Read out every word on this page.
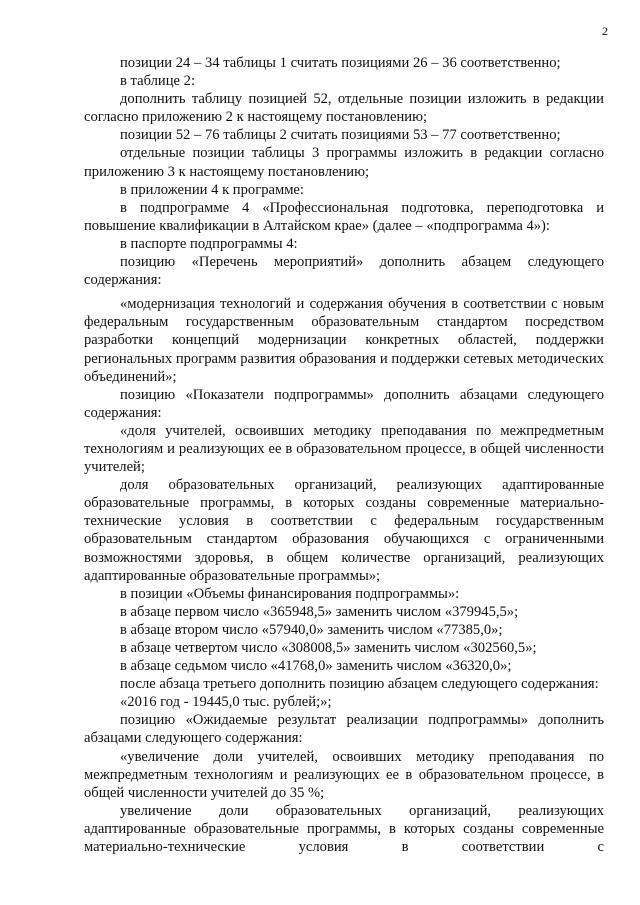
2

позиции 24 – 34 таблицы 1 считать позициями 26 – 36 соответственно;

в таблице 2:

дополнить таблицу позицией 52, отдельные позиции изложить в редакции согласно приложению 2 к настоящему постановлению;

позиции 52 – 76 таблицы 2 считать позициями 53 – 77 соответственно;

отдельные позиции таблицы 3 программы изложить в редакции согласно приложению 3 к настоящему постановлению;

в приложении 4 к программе:

в подпрограмме 4 «Профессиональная подготовка, переподготовка и повышение квалификации в Алтайском крае» (далее – «подпрограмма 4»):

в паспорте подпрограммы 4:

позицию «Перечень мероприятий» дополнить абзацем следующего содержания:

«модернизация технологий и содержания обучения в соответствии с новым федеральным государственным образовательным стандартом посредством разработки концепций модернизации конкретных областей, поддержки региональных программ развития образования и поддержки сетевых методических объединений»;

позицию «Показатели подпрограммы» дополнить абзацами следующего содержания:

«доля учителей, освоивших методику преподавания по межпредметным технологиям и реализующих ее в образовательном процессе, в общей численности учителей;

доля образовательных организаций, реализующих адаптированные образовательные программы, в которых созданы современные материально-технические условия в соответствии с федеральным государственным образовательным стандартом образования обучающихся с ограниченными возможностями здоровья, в общем количестве организаций, реализующих адаптированные образовательные программы»;

в позиции «Объемы финансирования подпрограммы»:

в абзаце первом число «365948,5» заменить числом «379945,5»;

в абзаце втором число «57940,0» заменить числом «77385,0»;

в абзаце четвертом число «308008,5» заменить числом «302560,5»;

в абзаце седьмом число «41768,0» заменить числом «36320,0»;

после абзаца третьего дополнить позицию абзацем следующего содержания:

«2016 год - 19445,0 тыс. рублей;»;

позицию «Ожидаемые результат реализации подпрограммы» дополнить абзацами следующего содержания:

«увеличение доли учителей, освоивших методику преподавания по межпредметным технологиям и реализующих ее в образовательном процессе, в общей численности учителей до 35 %;

увеличение доли образовательных организаций, реализующих адаптированные образовательные программы, в которых созданы современные материально-технические условия в соответствии с
